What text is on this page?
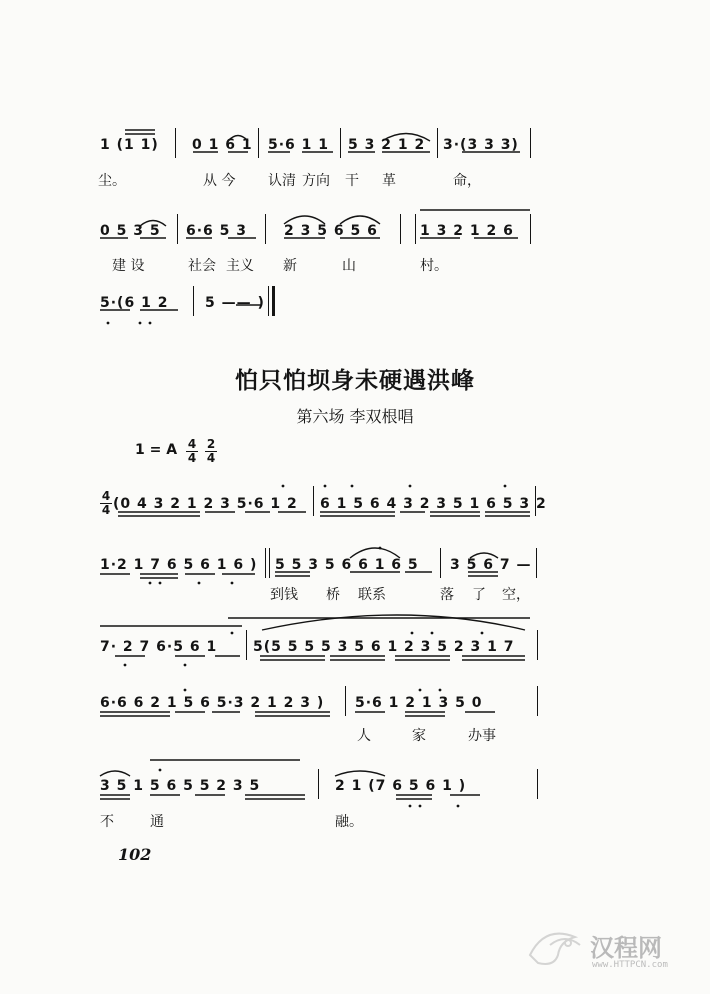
1 (1 1) 0 1 6 1 5·6 1 1 5 3 2 1 2 3·(3 3 3)
尘。	从 今 认清 方向 干 革	命，
0 5 3 5 6·6 5 3	2 3 5 6 5 6	1 3 2 1 2 6
建 设	社会 主义 新	山	村。
5·(6 1 2	5 —— )
怕只怕坝身未硬遇洪峰
第六场 李双根唱
1 = A $\frac{4}{4} \frac{2}{4}$
$\frac{4}{4} (0$ 4 3 2 1 2 3 5·6 1 2 6 1 5 6 4 3 2 3 5 1 6 5 3 2
1·2 1 7 6 5 6 1 6 ) 5 5 3 5 6 6 1 6 5 3 5 6 7 —
到钱 桥 联系	落 了 空，
7· 2 7 6·5 6 1	5(5 5 5 5 3 5 6 1 2 3 5 2 3 1 7
6·6 6 2 1 5 6 5·3 2 1 2 3 ) 5·6 1 2 1 3 5 0
人	家	办事
3 5 1 5 6 5 5 2 3 5	2 1 (7 6 5 6 1 )
不	通	融。
102
汉程网
www.HTTPCN.com
